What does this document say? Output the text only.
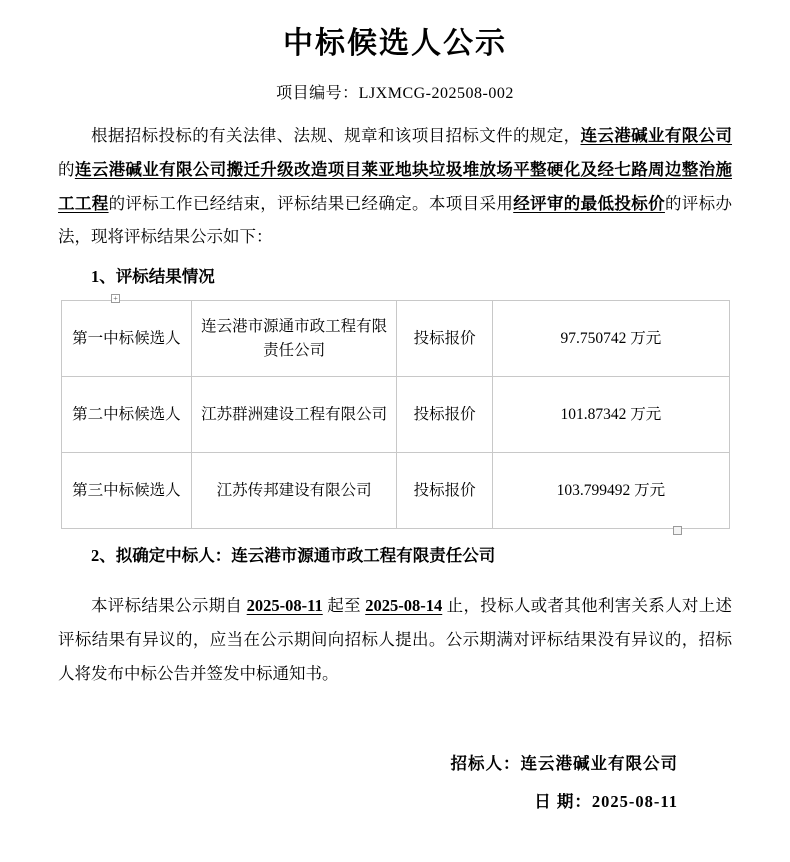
中标候选人公示
项目编号：LJXMCG-202508-002

根据招标投标的有关法律、法规、规章和该项目招标文件的规定，连云港碱业有限公司的连云港碱业有限公司搬迁升级改造项目莱亚地块垃圾堆放场平整硬化及经七路周边整治施工工程的评标工作已经结束，评标结果已经确定。本项目采用经评审的最低投标价的评标办法，现将评标结果公示如下：

1、评标结果情况

+
第一中标候选人	连云港市源通市政工程有限责任公司	投标报价	97.750742 万元
第二中标候选人	江苏群洲建设工程有限公司	投标报价	101.87342 万元
第三中标候选人	江苏传邦建设有限公司	投标报价	103.799492 万元

2、拟确定中标人：连云港市源通市政工程有限责任公司

本评标结果公示期自 2025-08-11 起至 2025-08-14 止，投标人或者其他利害关系人对上述评标结果有异议的，应当在公示期间向招标人提出。公示期满对评标结果没有异议的，招标人将发布中标公告并签发中标通知书。

招标人：连云港碱业有限公司
日 期：2025-08-11
